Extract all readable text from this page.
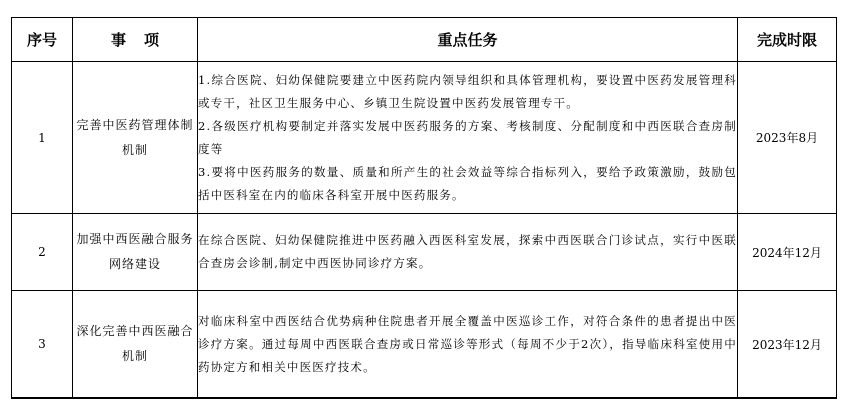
序号	事项	重点任务	完成时限
1	完善中医药管理体制机制	1.综合医院、妇幼保健院要建立中医药院内领导组织和具体管理机构，要设置中医药发展管理科或专干，社区卫生服务中心、乡镇卫生院设置中医药发展管理专干。
2.各级医疗机构要制定并落实发展中医药服务的方案、考核制度、分配制度和中西医联合查房制度等
3.要将中医药服务的数量、质量和所产生的社会效益等综合指标列入，要给予政策激励，鼓励包括中医科室在内的临床各科室开展中医药服务。	2023年8月
2	加强中西医融合服务网络建设	在综合医院、妇幼保健院推进中医药融入西医科室发展，探索中西医联合门诊试点，实行中医联合查房会诊制,制定中西医协同诊疗方案。	2024年12月
3	深化完善中西医融合机制	对临床科室中西医结合优势病种住院患者开展全覆盖中医巡诊工作，对符合条件的患者提出中医诊疗方案。通过每周中西医联合查房或日常巡诊等形式（每周不少于2次），指导临床科室使用中药协定方和相关中医医疗技术。	2023年12月
